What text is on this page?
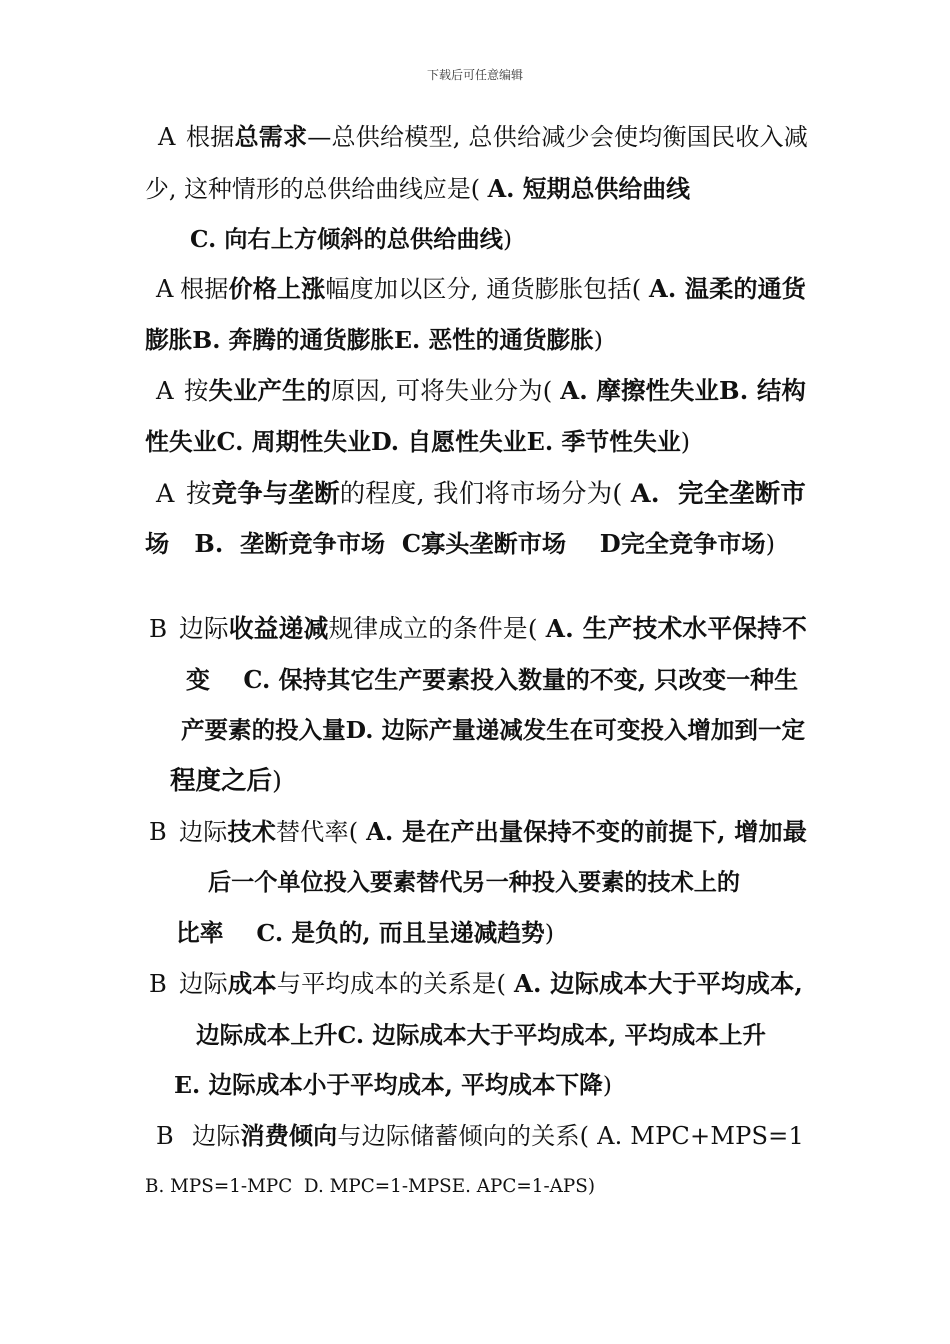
下载后可任意编辑
A 根据总需求—总供给模型, 总供给减少会使均衡国民收入减
少, 这种情形的总供给曲线应是( A. 短期总供给曲线
C. 向右上方倾斜的总供给曲线)
A 根据价格上涨幅度加以区分, 通货膨胀包括( A. 温柔的通货
膨胀B. 奔腾的通货膨胀E. 恶性的通货膨胀)
A 按失业产生的原因, 可将失业分为( A. 摩擦性失业B. 结构
性失业C. 周期性失业D. 自愿性失业E. 季节性失业)
A 按竞争与垄断的程度, 我们将市场分为( A.  完全垄断市
场   B.  垄断竞争市场  C寡头垄断市场    D完全竞争市场)
B 边际收益递减规律成立的条件是( A. 生产技术水平保持不
变    C. 保持其它生产要素投入数量的不变, 只改变一种生
产要素的投入量D. 边际产量递减发生在可变投入增加到一定
程度之后)
B 边际技术替代率( A. 是在产出量保持不变的前提下, 增加最
后一个单位投入要素替代另一种投入要素的技术上的
比率    C. 是负的, 而且呈递减趋势)
B 边际成本与平均成本的关系是( A. 边际成本大于平均成本,
边际成本上升C. 边际成本大于平均成本, 平均成本上升
E. 边际成本小于平均成本, 平均成本下降)
B 边际消费倾向与边际储蓄倾向的关系( A. MPC+MPS=1
B. MPS=1-MPC  D. MPC=1-MPSE. APC=1-APS)
